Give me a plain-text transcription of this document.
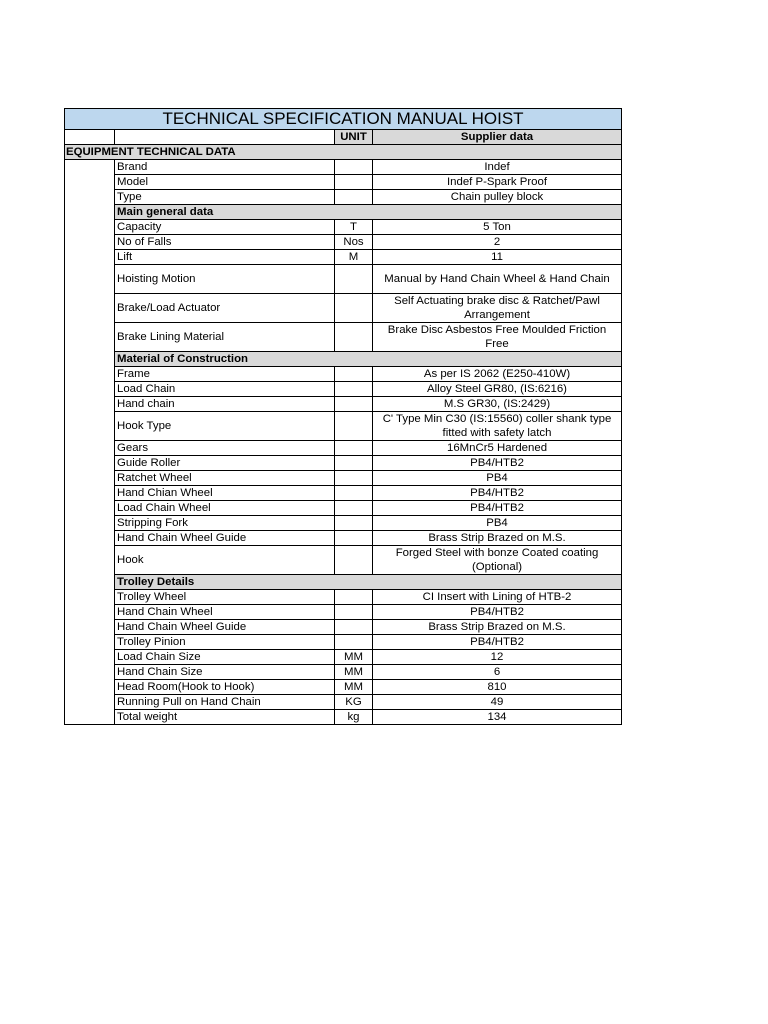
TECHNICAL SPECIFICATION MANUAL HOIST			
		UNIT	Supplier data
EQUIPMENT TECHNICAL DATA			
	Brand		Indef
	Model		Indef P-Spark Proof
	Type		Chain pulley block
	Main general data		
	Capacity	T	5 Ton
	No of Falls	Nos	2
	Lift	M	11
	Hoisting Motion		Manual by Hand Chain Wheel & Hand Chain
	Brake/Load Actuator		Self Actuating brake disc & Ratchet/Pawl Arrangement
	Brake Lining Material		Brake Disc Asbestos Free Moulded Friction Free
	Material of Construction		
	Frame		As per IS 2062 (E250-410W)
	Load Chain		Alloy Steel GR80, (IS:6216)
	Hand chain		M.S GR30, (IS:2429)
	Hook Type		C' Type Min C30 (IS:15560) coller shank type fitted with safety latch
	Gears		16MnCr5 Hardened
	Guide Roller		PB4/HTB2
	Ratchet Wheel		PB4
	Hand Chian Wheel		PB4/HTB2
	Load Chain Wheel		PB4/HTB2
	Stripping Fork		PB4
	Hand Chain Wheel Guide		Brass Strip Brazed on M.S.
	Hook		Forged Steel with bonze Coated coating (Optional)
	Trolley Details		
	Trolley Wheel		CI Insert with Lining of HTB-2
	Hand Chain Wheel		PB4/HTB2
	Hand Chain Wheel Guide		Brass Strip Brazed on M.S.
	Trolley Pinion		PB4/HTB2
	Load Chain Size	MM	12
	Hand Chain Size	MM	6
	Head Room(Hook to Hook)	MM	810
	Running Pull on Hand Chain	KG	49
	Total weight	kg	134
